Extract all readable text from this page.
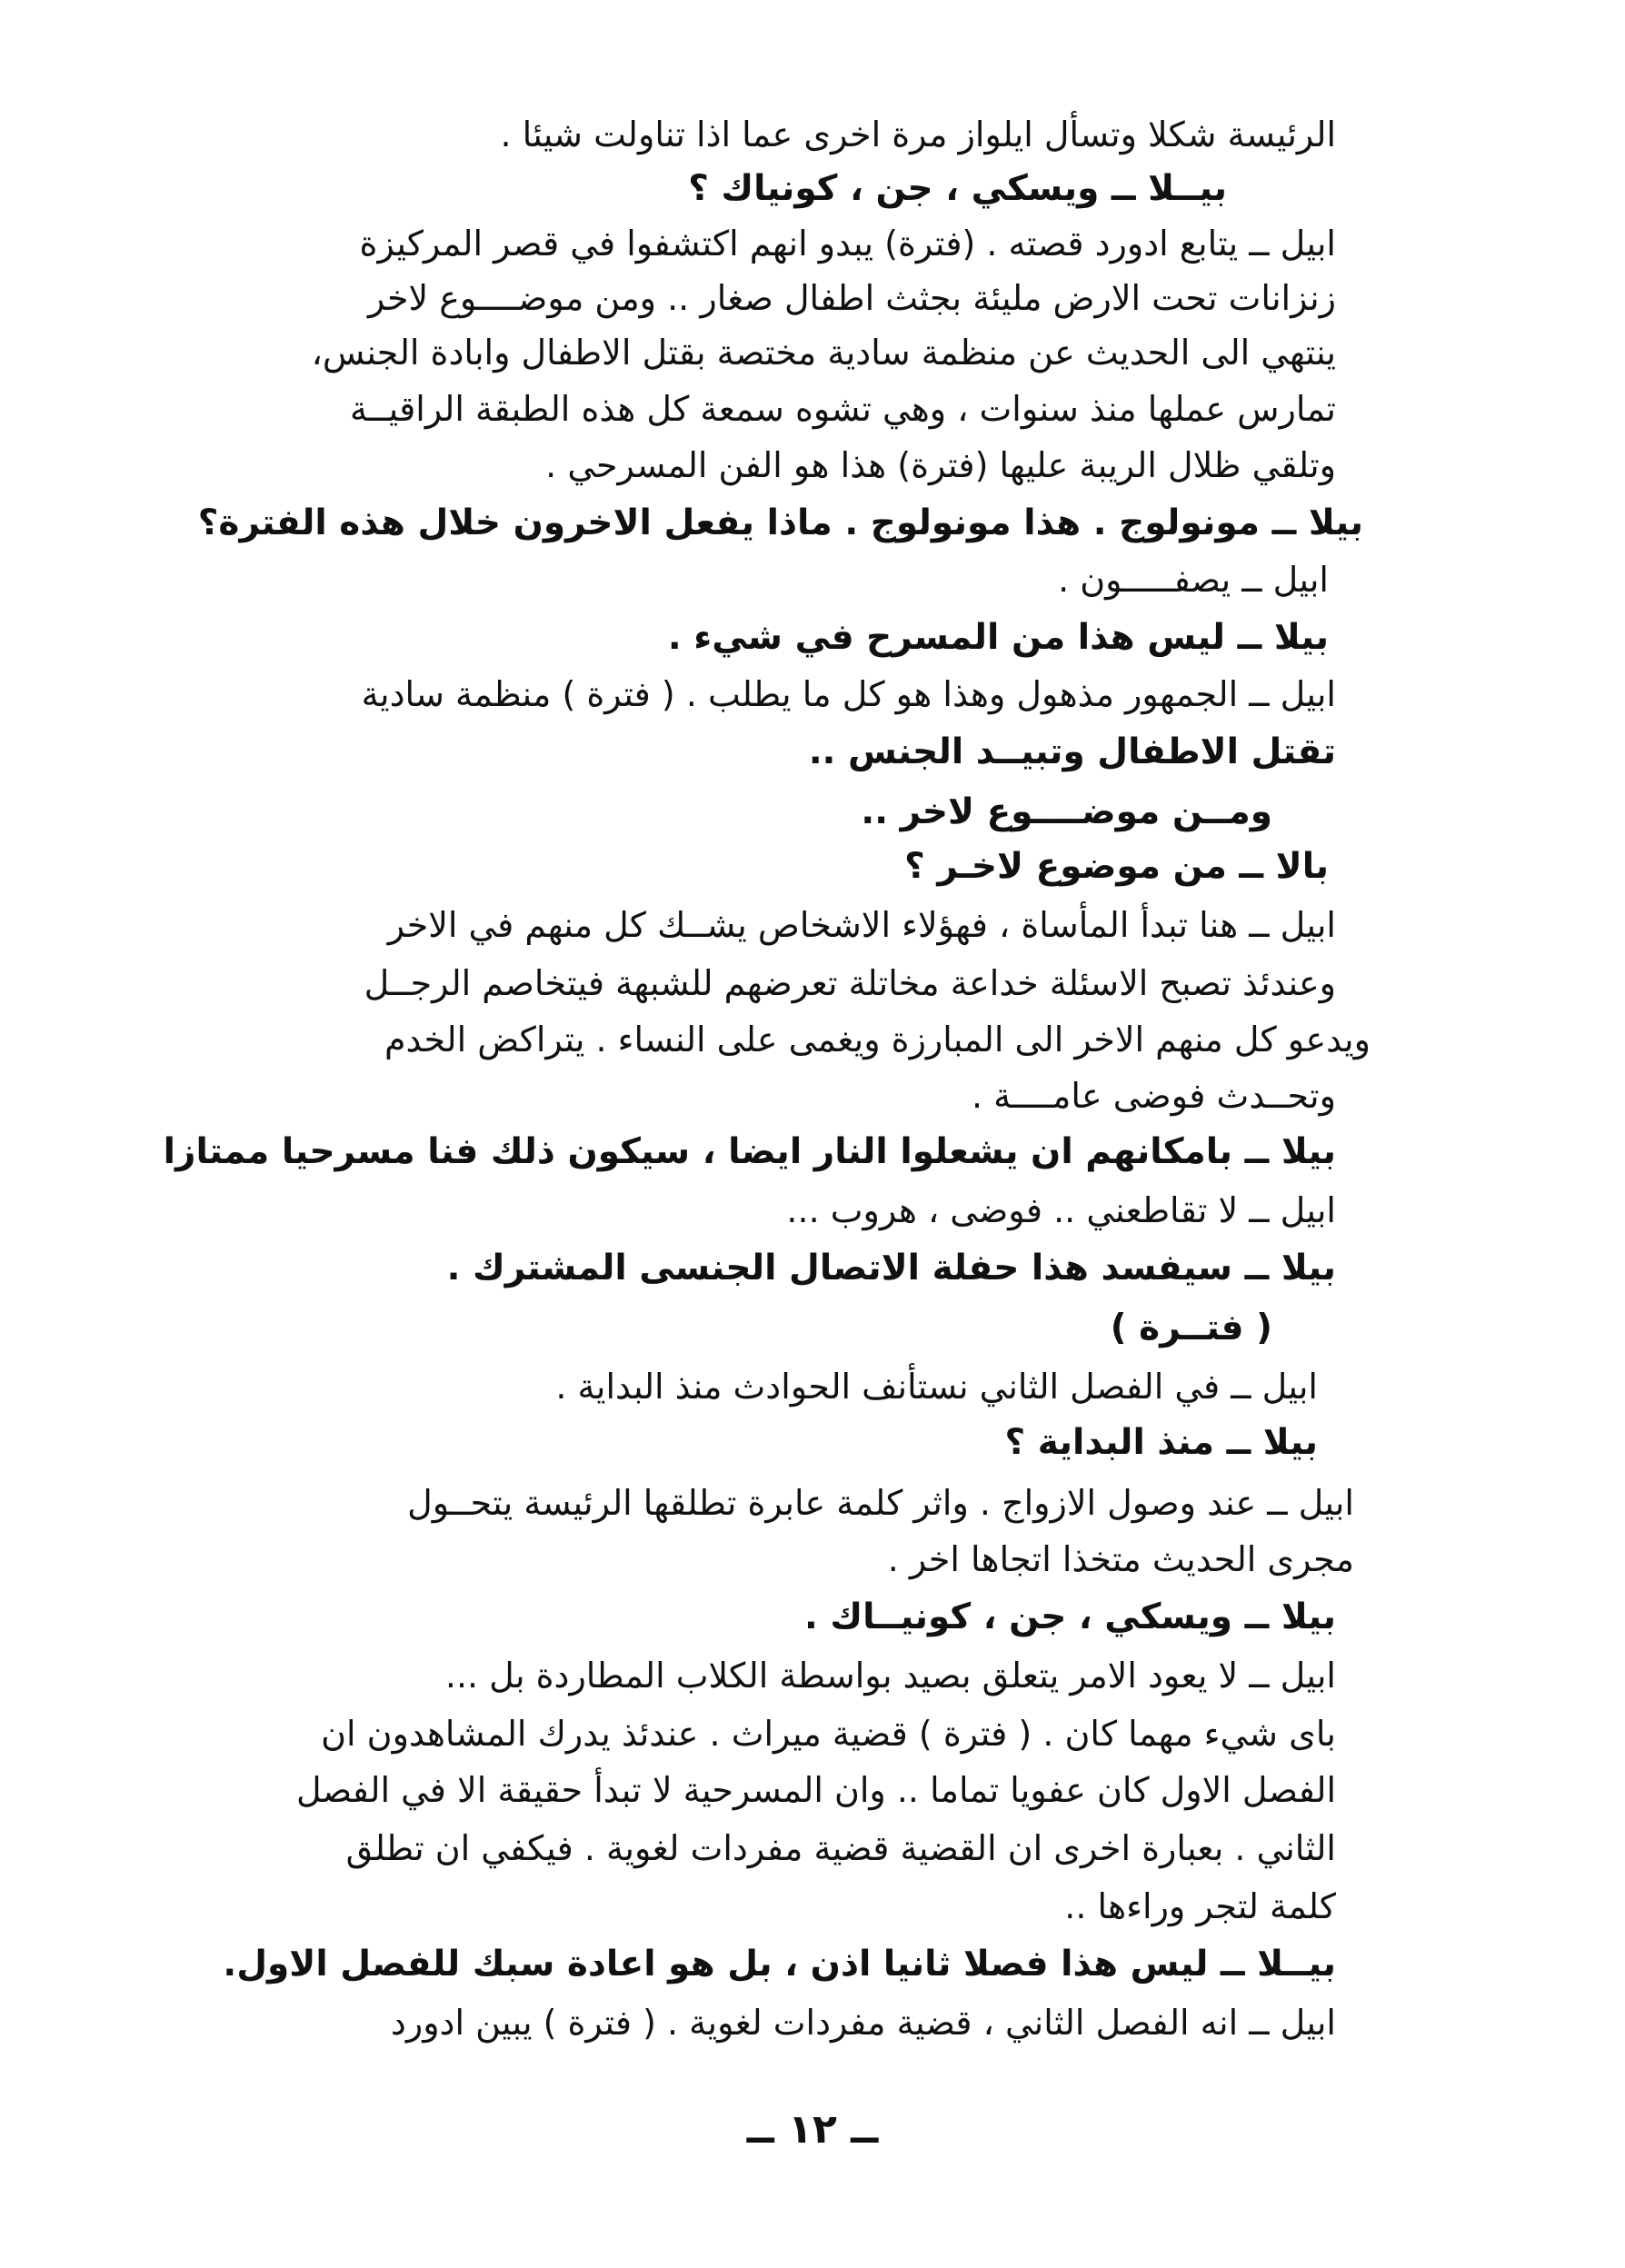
الرئيسة شكلا وتسأل ايلواز مرة اخرى عما اذا تناولت شيئا .
بيــلا ــ ويسكي ، جن ، كونياك ؟
ابيل ــ يتابع ادورد قصته . (فترة) يبدو انهم اكتشفوا في قصر المركيزة
زنزانات تحت الارض مليئة بجثث اطفال صغار .. ومن موضــــوع لاخر
ينتهي الى الحديث عن منظمة سادية مختصة بقتل الاطفال وابادة الجنس،
تمارس عملها منذ سنوات ، وهي تشوه سمعة كل هذه الطبقة الراقيــة
وتلقي ظلال الريبة عليها (فترة) هذا هو الفن المسرحي .
بيلا ــ مونولوج . هذا مونولوج . ماذا يفعل الاخرون خلال هذه الفترة؟
ابيل ــ يصفـــــون .
بيلا ــ ليس هذا من المسرح في شيء .
ابيل ــ الجمهور مذهول وهذا هو كل ما يطلب . ( فترة ) منظمة سادية
تقتل الاطفال وتبيــد الجنس ..
ومــن موضــــوع لاخر ..
بالا ــ من موضوع لاخـر ؟
ابيل ــ هنا تبدأ المأساة ، فهؤلاء الاشخاص يشــك كل منهم في الاخر
وعندئذ تصبح الاسئلة خداعة مخاتلة تعرضهم للشبهة فيتخاصم الرجــل
ويدعو كل منهم الاخر الى المبارزة ويغمى على النساء . يتراكض الخدم
وتحــدث فوضى عامــــة .
بيلا ــ بامكانهم ان يشعلوا النار ايضا ، سيكون ذلك فنا مسرحيا ممتازا
ابيل ــ لا تقاطعني .. فوضى ، هروب ...
بيلا ــ سيفسد هذا حفلة الاتصال الجنسى المشترك .
( فتــرة )
ابيل ــ في الفصل الثاني نستأنف الحوادث منذ البداية .
بيلا ــ منذ البداية ؟
ابيل ــ عند وصول الازواج . واثر كلمة عابرة تطلقها الرئيسة يتحــول
مجرى الحديث متخذا اتجاها اخر .
بيلا ــ ويسكي ، جن ، كونيــاك .
ابيل ــ لا يعود الامر يتعلق بصيد بواسطة الكلاب المطاردة بل ...
باى شيء مهما كان . ( فترة ) قضية ميراث . عندئذ يدرك المشاهدون ان
الفصل الاول كان عفويا تماما .. وان المسرحية لا تبدأ حقيقة الا في الفصل
الثاني . بعبارة اخرى ان القضية قضية مفردات لغوية . فيكفي ان تطلق
كلمة لتجر وراءها ..
بيــلا ــ ليس هذا فصلا ثانيا اذن ، بل هو اعادة سبك للفصل الاول.
ابيل ــ انه الفصل الثاني ، قضية مفردات لغوية . ( فترة ) يبين ادورد
ــ ١٢ ــ
